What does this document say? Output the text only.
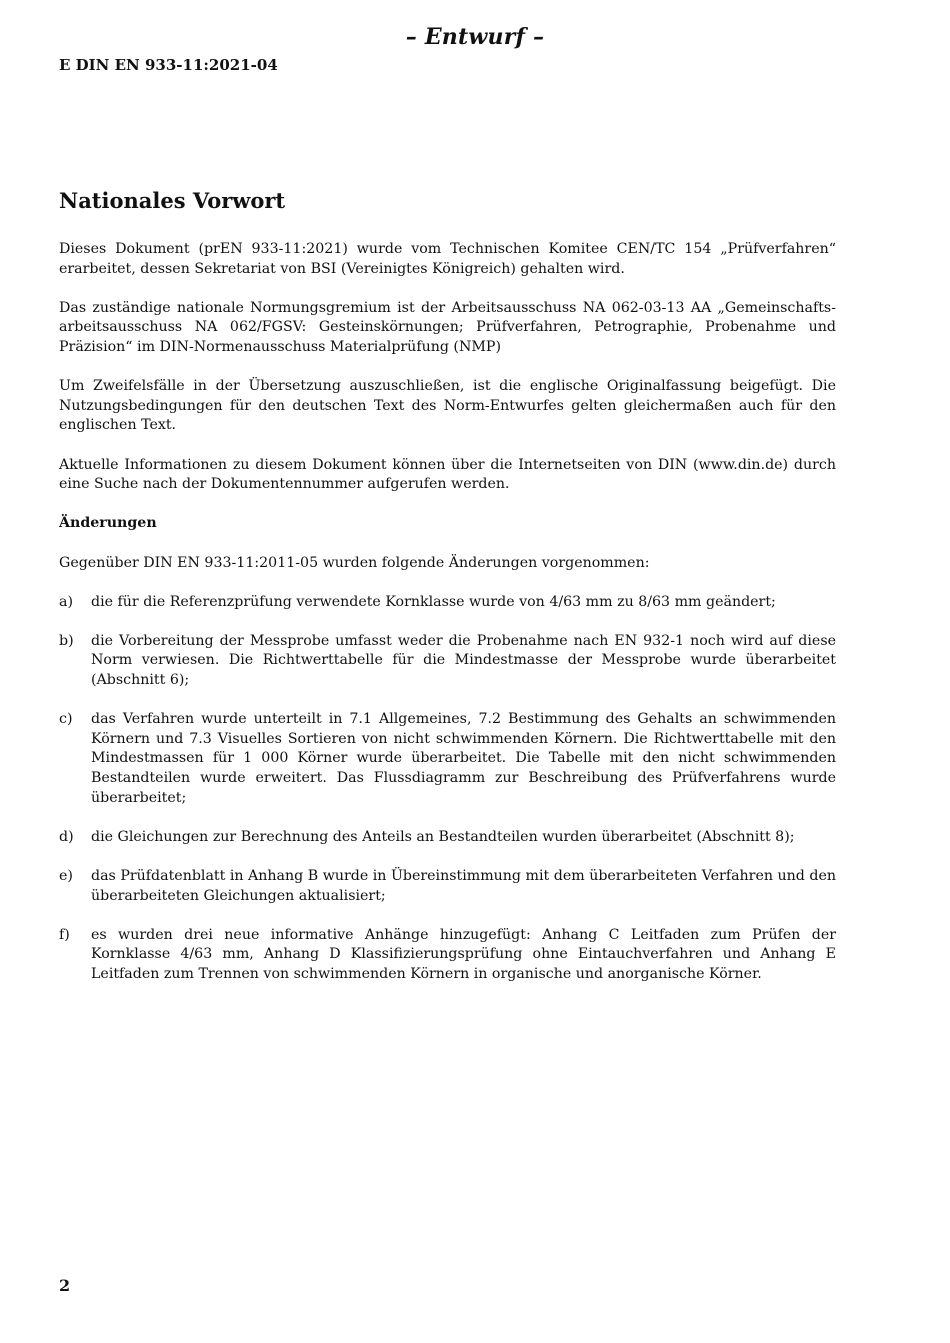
– Entwurf –
E DIN EN 933-11:2021-04
Nationales Vorwort

Dieses Dokument (prEN 933-11:2021) wurde vom Technischen Komitee CEN/TC 154 „Prüfverfahren“ erarbeitet, dessen Sekretariat von BSI (Vereinigtes Königreich) gehalten wird.

Das zuständige nationale Normungsgremium ist der Arbeitsausschuss NA 062-03-13 AA „Gemeinschafts-arbeitsausschuss NA 062/FGSV: Gesteinskörnungen; Prüfverfahren, Petrographie, Probenahme und Präzision“ im DIN-Normenausschuss Materialprüfung (NMP)

Um Zweifelsfälle in der Übersetzung auszuschließen, ist die englische Originalfassung beigefügt. Die Nutzungsbedingungen für den deutschen Text des Norm-Entwurfes gelten gleichermaßen auch für den englischen Text.

Aktuelle Informationen zu diesem Dokument können über die Internetseiten von DIN (www.din.de) durch eine Suche nach der Dokumentennummer aufgerufen werden.

Änderungen

Gegenüber DIN EN 933-11:2011-05 wurden folgende Änderungen vorgenommen:

a)	die für die Referenzprüfung verwendete Kornklasse wurde von 4/63 mm zu 8/63 mm geändert;
b)	die Vorbereitung der Messprobe umfasst weder die Probenahme nach EN 932-1 noch wird auf diese Norm verwiesen. Die Richtwerttabelle für die Mindestmasse der Messprobe wurde überarbeitet (Abschnitt 6);
c)	das Verfahren wurde unterteilt in 7.1 Allgemeines, 7.2 Bestimmung des Gehalts an schwimmenden Körnern und 7.3 Visuelles Sortieren von nicht schwimmenden Körnern. Die Richtwerttabelle mit den Mindestmassen für 1 000 Körner wurde überarbeitet. Die Tabelle mit den nicht schwimmenden Bestandteilen wurde erweitert. Das Flussdiagramm zur Beschreibung des Prüfverfahrens wurde überarbeitet;
d)	die Gleichungen zur Berechnung des Anteils an Bestandteilen wurden überarbeitet (Abschnitt 8);
e)	das Prüfdatenblatt in Anhang B wurde in Übereinstimmung mit dem überarbeiteten Verfahren und den überarbeiteten Gleichungen aktualisiert;
f)	es wurden drei neue informative Anhänge hinzugefügt: Anhang C Leitfaden zum Prüfen der Kornklasse 4/63 mm, Anhang D Klassifizierungsprüfung ohne Eintauchverfahren und Anhang E Leitfaden zum Trennen von schwimmenden Körnern in organische und anorganische Körner.
2
